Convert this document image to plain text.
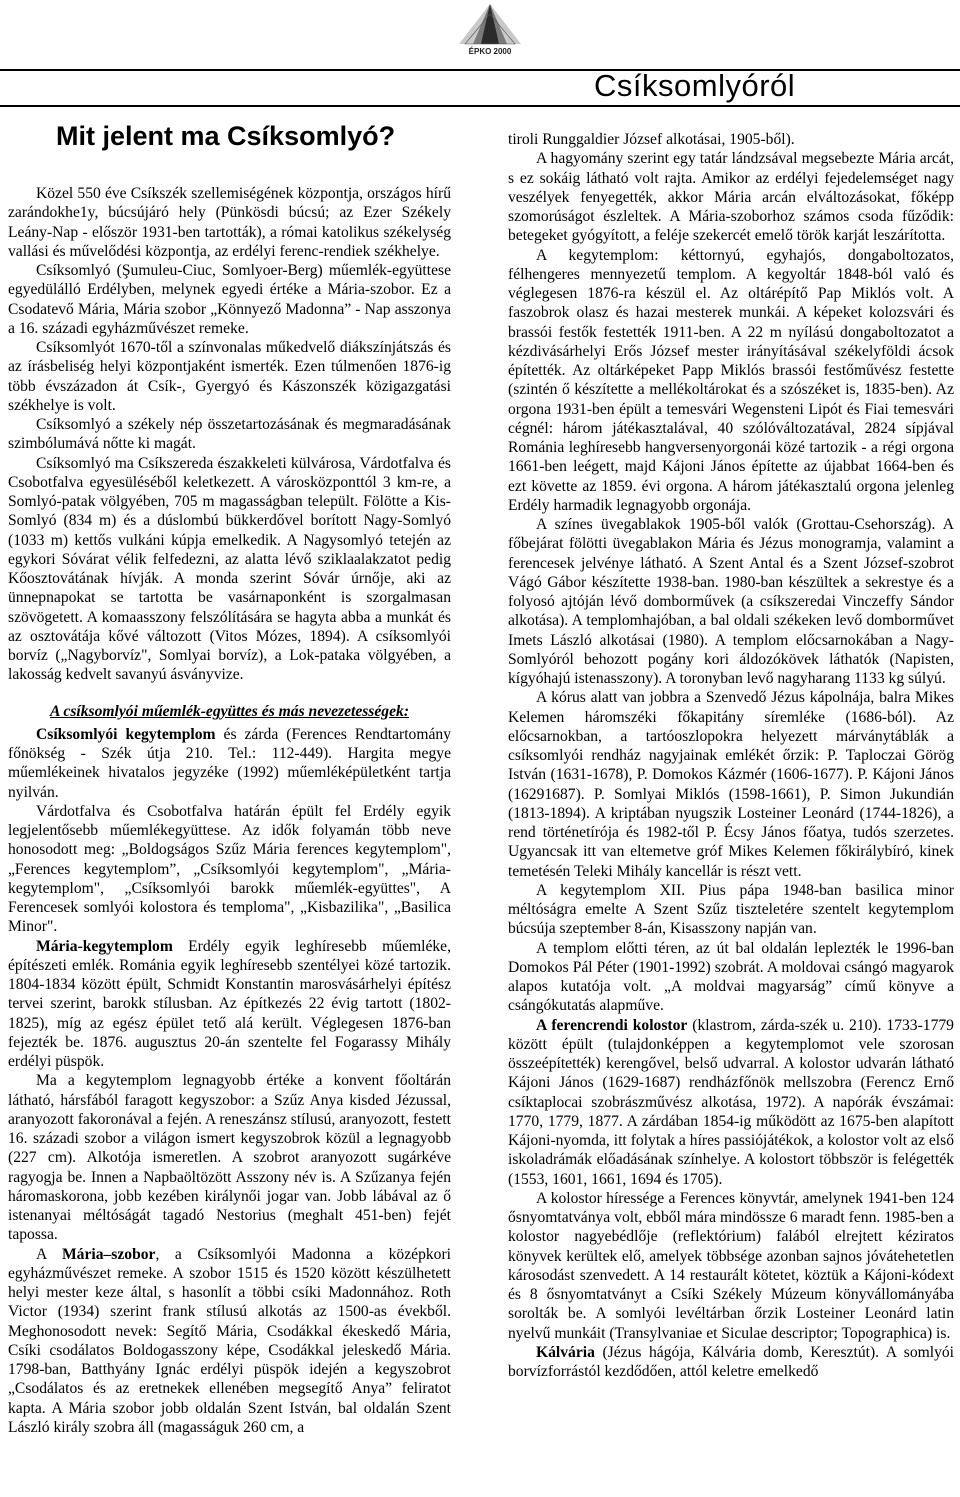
ÉPKO 2000
Csíksomlyóról
Mit jelent ma Csíksomlyó?

Közel 550 éve Csíkszék szellemiségének központja, országos hírű zarándokhe1y, búcsújáró hely (Pünkösdi búcsú; az Ezer Székely Leány-Nap - először 1931-ben tartották), a római katolikus székelység vallási és művelődési központja, az erdélyi ferenc-rendiek székhelye.

Csíksomlyó (Şumuleu-Ciuc, Somlyoer-Berg) műemlék-együttese egyedülálló Erdélyben, melynek egyedi értéke a Mária-szobor. Ez a Csodatevő Mária, Mária szobor „Könnyező Madonna” - Nap asszonya a 16. századi egyházművészet remeke.

Csíksomlyót 1670-től a színvonalas műkedvelő diákszínjátszás és az írásbeliség helyi központjaként ismerték. Ezen túlmenően 1876-ig több évszázadon át Csík-, Gyergyó és Kászonszék közigazgatási székhelye is volt.

Csíksomlyó a székely nép összetartozásának és megmaradásának szimbólumává nőtte ki magát.

Csíksomlyó ma Csíkszereda északkeleti külvárosa, Várdotfalva és Csobotfalva egyesüléséből keletkezett. A városközponttól 3 km-re, a Somlyó-patak völgyében, 705 m magasságban települt. Fölötte a Kis-Somlyó (834 m) és a dúslombú bükkerdővel borított Nagy-Somlyó (1033 m) kettős vulkáni kúpja emelkedik. A Nagysomlyó tetején az egykori Sóvárat vélik felfedezni, az alatta lévő sziklaalakzatot pedig Kőosztovátának hívják. A monda szerint Sóvár úrnője, aki az ünnepnapokat se tartotta be vasárnaponként is szorgalmasan szövögetett. A komaasszony felszólítására se hagyta abba a munkát és az osztovátája kővé változott (Vitos Mózes, 1894). A csíksomlyói borvíz („Nagyborvíz", Somlyai borvíz), a Lok-pataka völgyében, a lakosság kedvelt savanyú ásványvize.

A csíksomlyói műemlék-együttes és más nevezetességek:

Csíksomlyói kegytemplom és zárda (Ferences Rendtartomány főnökség - Szék útja 210. Tel.: 112-449). Hargita megye műemlékeinek hivatalos jegyzéke (1992) műemléképületként tartja nyilván.

Várdotfalva és Csobotfalva határán épült fel Erdély egyik legjelentősebb műemlékegyüttese. Az idők folyamán több neve honosodott meg: „Boldogságos Szűz Mária ferences kegytemplom", „Ferences kegytemplom”, „Csíksomlyói kegytemplom", „Mária-kegytemplom", „Csíksomlyói barokk műemlék-együttes", A Ferencesek somlyói kolostora és temploma", „Kisbazilika", „Basilica Minor".

Mária-kegytemplom Erdély egyik leghíresebb műemléke, építészeti emlék. Románia egyik leghíresebb szentélyei közé tartozik. 1804-1834 között épült, Schmidt Konstantin marosvásárhelyi építész tervei szerint, barokk stílusban. Az építkezés 22 évig tartott (1802-1825), míg az egész épület tető alá került. Véglegesen 1876-ban fejezték be. 1876. augusztus 20-án szentelte fel Fogarassy Mihály erdélyi püspök.

Ma a kegytemplom legnagyobb értéke a konvent főoltárán látható, hársfából faragott kegyszobor: a Szűz Anya kisded Jézussal, aranyozott fakoronával a fején. A reneszánsz stílusú, aranyozott, festett 16. századi szobor a világon ismert kegyszobrok közül a legnagyobb (227 cm). Alkotója ismeretlen. A szobrot aranyozott sugárkéve ragyogja be. Innen a Napbaöltözött Asszony név is. A Szűzanya fején háromaskorona, jobb kezében királynői jogar van. Jobb lábával az ő istenanyai méltóságát tagadó Nestorius (meghalt 451-ben) fejét tapossa.

A Mária–szobor, a Csíksomlyói Madonna a középkori egyházművészet remeke. A szobor 1515 és 1520 között készülhetett helyi mester keze által, s hasonlít a többi csíki Madonnához. Roth Victor (1934) szerint frank stílusú alkotás az 1500-as évekből. Meghonosodott nevek: Segítő Mária, Csodákkal ékeskedő Mária, Csíki csodálatos Boldogasszony képe, Csodákkal jeleskedő Mária. 1798-ban, Batthyány Ignác erdélyi püspök idején a kegyszobrot „Csodálatos és az eretnekek ellenében megsegítő Anya” feliratot kapta. A Mária szobor jobb oldalán Szent István, bal oldalán Szent László király szobra áll (magasságuk 260 cm, a

tiroli Runggaldier József alkotásai, 1905-ből).

A hagyomány szerint egy tatár lándzsával megsebezte Mária arcát, s ez sokáig látható volt rajta. Amikor az erdélyi fejedelemséget nagy veszélyek fenyegették, akkor Mária arcán elváltozásokat, főképp szomorúságot észleltek. A Mária-szoborhoz számos csoda fűződik: betegeket gyógyított, a feléje szekercét emelő török karját leszárította.

A kegytemplom: kéttornyú, egyhajós, dongaboltozatos, félhengeres mennyezetű templom. A kegyoltár 1848-ból való és véglegesen 1876-ra készül el. Az oltárépítő Pap Miklós volt. A faszobrok olasz és hazai mesterek munkái. A képeket kolozsvári és brassói festők festették 1911-ben. A 22 m nyílású dongaboltozatot a kézdivásárhelyi Erős József mester irányításával székelyföldi ácsok építették. Az oltárképeket Papp Miklós brassói festőművész festette (szintén ő készítette a mellékoltárokat és a szószéket is, 1835-ben). Az orgona 1931-ben épült a temesvári Wegensteni Lipót és Fiai temesvári cégnél: három játékasztalával, 40 szólóváltozatával, 2824 sípjával Románia leghíresebb hangversenyorgonái közé tartozik - a régi orgona 1661-ben leégett, majd Kájoni János építette az újabbat 1664-ben és ezt követte az 1859. évi orgona. A három játékasztalú orgona jelenleg Erdély harmadik legnagyobb orgonája.

A színes üvegablakok 1905-ből valók (Grottau-Csehország). A főbejárat fölötti üvegablakon Mária és Jézus monogramja, valamint a ferencesek jelvénye látható. A Szent Antal és a Szent József-szobrot Vágó Gábor készítette 1938-ban. 1980-ban készültek a sekrestye és a folyosó ajtóján lévő domborművek (a csíkszeredai Vinczeffy Sándor alkotása). A templomhajóban, a bal oldali székeken levő domborművet Imets László alkotásai (1980). A templom előcsarnokában a Nagy-Somlyóról behozott pogány kori áldozókövek láthatók (Napisten, kígyóhajú istenasszony). A toronyban levő nagyharang 1133 kg súlyú.

A kórus alatt van jobbra a Szenvedő Jézus kápolnája, balra Mikes Kelemen háromszéki főkapitány síremléke (1686-ból). Az előcsarnokban, a tartóoszlopokra helyezett márványtáblák a csíksomlyói rendház nagyjainak emlékét őrzik: P. Taploczai Görög István (1631-1678), P. Domokos Kázmér (1606-1677). P. Kájoni János (16291687). P. Somlyai Miklós (1598-1661), P. Simon Jukundián (1813-1894). A kriptában nyugszik Losteiner Leonárd (1744-1826), a rend történetírója és 1982-től P. Écsy János főatya, tudós szerzetes. Ugyancsak itt van eltemetve gróf Mikes Kelemen főkirálybíró, kinek temetésén Teleki Mihály kancellár is részt vett.

A kegytemplom XII. Pius pápa 1948-ban basilica minor méltóságra emelte A Szent Szűz tiszteletére szentelt kegytemplom búcsúja szeptember 8-án, Kisasszony napján van.

A templom előtti téren, az út bal oldalán leplezték le 1996-ban Domokos Pál Péter (1901-1992) szobrát. A moldovai csángó magyarok alapos kutatója volt. „A moldvai magyarság” című könyve a csángókutatás alapműve.

A ferencrendi kolostor (klastrom, zárda-szék u. 210). 1733-1779 között épült (tulajdonképpen a kegytemplomot vele szorosan összeépítették) kerengővel, belső udvarral. A kolostor udvarán látható Kájoni János (1629-1687) rendházfőnök mellszobra (Ferencz Ernő csíktaplocai szobrászművész alkotása, 1972). A napórák évszámai: 1770, 1779, 1877. A zárdában 1854-ig működött az 1675-ben alapított Kájoni-nyomda, itt folytak a híres passiójátékok, a kolostor volt az első iskoladrámák előadásának színhelye. A kolostort többször is felégették (1553, 1601, 1661, 1694 és 1705).

A kolostor híressége a Ferences könyvtár, amelynek 1941-ben 124 ősnyomtatványa volt, ebből mára mindössze 6 maradt fenn. 1985-ben a kolostor nagyebédlője (reflektórium) falából elrejtett kéziratos könyvek kerültek elő, amelyek többsége azonban sajnos jóvátehetetlen károsodást szenvedett. A 14 restaurált kötetet, köztük a Kájoni-kódext és 8 ősnyomtatványt a Csíki Székely Múzeum könyvállományába sorolták be. A somlyói levéltárban őrzik Losteiner Leonárd latin nyelvű munkáit (Transylvaniae et Siculae descriptor; Topographica) is.

Kálvária (Jézus hágója, Kálvária domb, Keresztút). A somlyói borvízforrástól kezdődően, attól keletre emelkedő
